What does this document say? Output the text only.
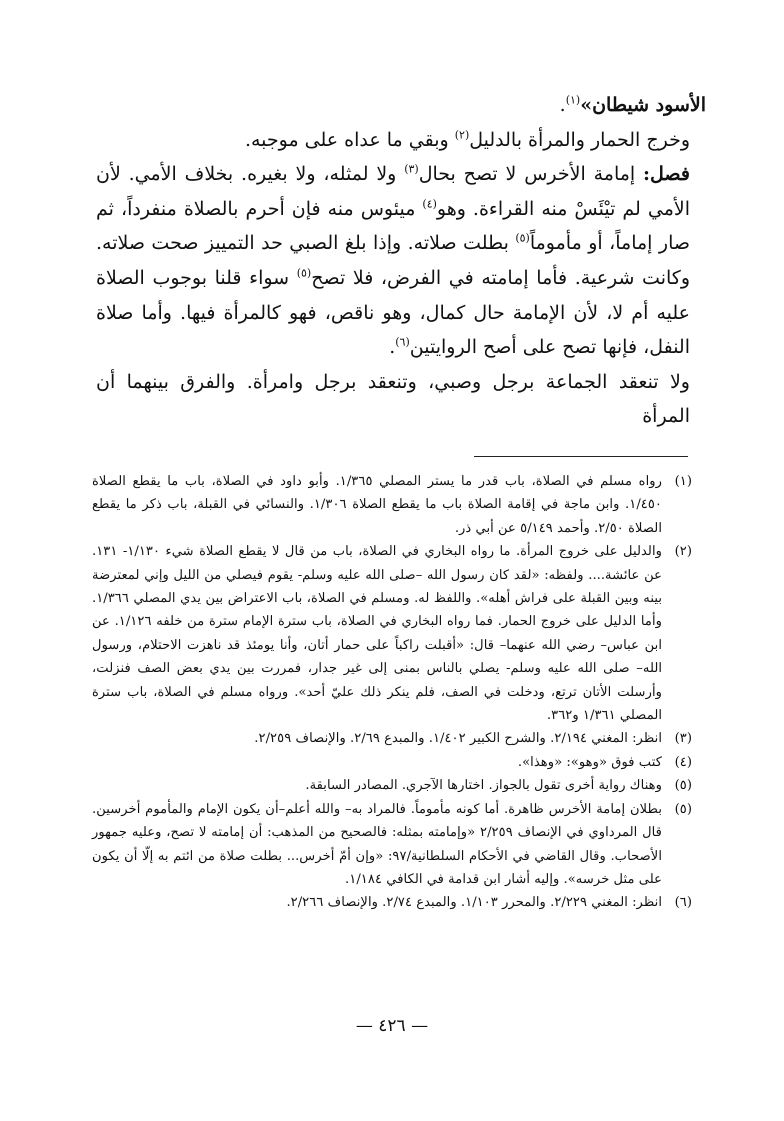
الأسود شيطان»$^{(١)}$.

وخرج الحمار والمرأة بالدليل$^{(٢)}$ وبقي ما عداه على موجبه.

فصل: إمامة الأخرس لا تصح بحال$^{(٣)}$ ولا لمثله، ولا بغيره. بخلاف الأمي. لأن الأمي لم تيْئَسْ منه القراءة. وهو$^{(٤)}$ ميئوس منه فإن أحرم بالصلاة منفرداً، ثم صار إماماً، أو مأموماً$^{(٥)}$ بطلت صلاته. وإذا بلغ الصبي حد التمييز صحت صلاته. وكانت شرعية. فأما إمامته في الفرض، فلا تصح$^{(٥)}$ سواء قلنا بوجوب الصلاة عليه أم لا، لأن الإمامة حال كمال، وهو ناقص، فهو كالمرأة فيها. وأما صلاة النفل، فإنها تصح على أصح الروايتين$^{(٦)}$.

ولا تنعقد الجماعة برجل وصبي، وتنعقد برجل وامرأة. والفرق بينهما أن المرأة

(١)
رواه مسلم في الصلاة، باب قدر ما يستر المصلي ١/٣٦٥. وأبو داود في الصلاة، باب ما يقطع الصلاة ١/٤٥٠. وابن ماجة في إقامة الصلاة باب ما يقطع الصلاة ١/٣٠٦. والنسائي في القبلة، باب ذكر ما يقطع الصلاة ٢/٥٠. وأحمد ٥/١٤٩ عن أبي ذر.
(٢)
والدليل على خروج المرأة. ما رواه البخاري في الصلاة، باب من قال لا يقطع الصلاة شيء ١/١٣٠- ١٣١. عن عائشة.... ولفظه: «لقد كان رسول الله –صلى الله عليه وسلم- يقوم فيصلي من الليل وإني لمعترضة بينه وبين القبلة على فراش أهله». واللفظ له. ومسلم في الصلاة، باب الاعتراض بين يدي المصلي ١/٣٦٦. وأما الدليل على خروج الحمار. فما رواه البخاري في الصلاة، باب سترة الإمام سترة من خلفه ١/١٢٦. عن ابن عباس– رضي الله عنهما– قال: «أقبلت راكباً على حمار أتان، وأنا يومئذ قد ناهزت الاحتلام، ورسول الله– صلى الله عليه وسلم- يصلي بالناس بمنى إلى غير جدار، فمررت بين يدي بعض الصف فنزلت، وأرسلت الأتان ترتع، ودخلت في الصف، فلم ينكر ذلك عليّ أحد». ورواه مسلم في الصلاة، باب سترة المصلي ١/٣٦١ و٣٦٢.
(٣)
انظر: المغني ٢/١٩٤. والشرح الكبير ١/٤٠٢. والمبدع ٢/٦٩. والإنصاف ٢/٢٥٩.
(٤)
كتب فوق «وهو»: «وهذا».
(٥)
وهناك رواية أخرى تقول بالجواز. اختارها الآجري. المصادر السابقة.
(٥)
بطلان إمامة الأخرس ظاهرة. أما كونه مأموماً. فالمراد به– والله أعلم–أن يكون الإمام والمأموم أخرسين. قال المرداوي في الإنصاف ٢/٢٥٩ «وإمامته بمثله: فالصحيح من المذهب: أن إمامته لا تصح، وعليه جمهور الأصحاب. وقال القاضي في الأحكام السلطانية/٩٧: «وإن أمّ أخرس... بطلت صلاة من ائتم به إلّا أن يكون على مثل خرسه». وإليه أشار ابن قدامة في الكافي ١/١٨٤.
(٦)
انظر: المغني ٢/٢٢٩. والمحرر ١/١٠٣. والمبدع ٢/٧٤. والإنصاف ٢/٢٦٦.
— ٤٢٦ —
